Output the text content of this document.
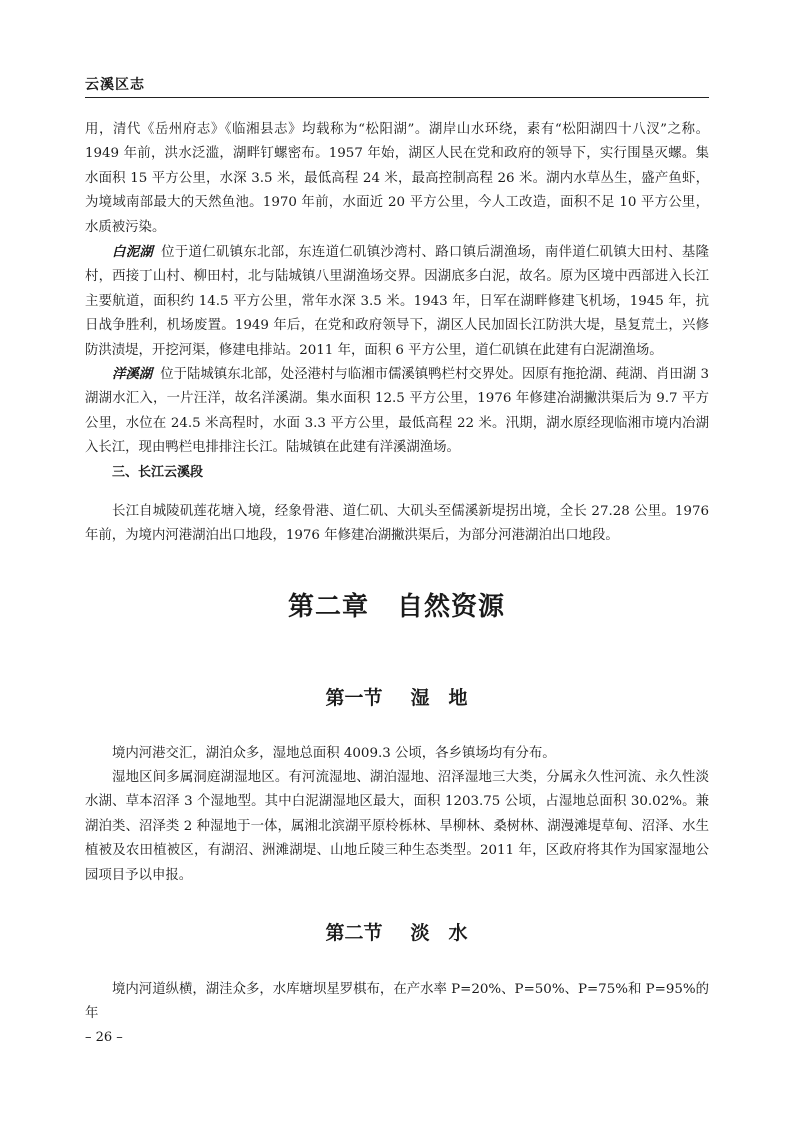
云溪区志

用，清代《岳州府志》《临湘县志》均载称为“松阳湖”。湖岸山水环绕，素有“松阳湖四十八汊”之称。1949 年前，洪水泛滥，湖畔钉螺密布。1957 年始，湖区人民在党和政府的领导下，实行围垦灭螺。集水面积 15 平方公里，水深 3.5 米，最低高程 24 米，最高控制高程 26 米。湖内水草丛生，盛产鱼虾，为境域南部最大的天然鱼池。1970 年前，水面近 20 平方公里，今人工改造，面积不足 10 平方公里，水质被污染。

白泥湖 位于道仁矶镇东北部，东连道仁矶镇沙湾村、路口镇后湖渔场，南伴道仁矶镇大田村、基隆村，西接丁山村、柳田村，北与陆城镇八里湖渔场交界。因湖底多白泥，故名。原为区境中西部进入长江主要航道，面积约 14.5 平方公里，常年水深 3.5 米。1943 年，日军在湖畔修建飞机场，1945 年，抗日战争胜利，机场废置。1949 年后，在党和政府领导下，湖区人民加固长江防洪大堤，垦复荒土，兴修防洪渍堤，开挖河渠，修建电排站。2011 年，面积 6 平方公里，道仁矶镇在此建有白泥湖渔场。

洋溪湖 位于陆城镇东北部，处泾港村与临湘市儒溪镇鸭栏村交界处。因原有拖抢湖、莼湖、肖田湖 3 湖湖水汇入，一片汪洋，故名洋溪湖。集水面积 12.5 平方公里，1976 年修建冶湖撇洪渠后为 9.7 平方公里，水位在 24.5 米高程时，水面 3.3 平方公里，最低高程 22 米。汛期，湖水原经现临湘市境内冶湖入长江，现由鸭栏电排排注长江。陆城镇在此建有洋溪湖渔场。

三、长江云溪段

长江自城陵矶莲花塘入境，经象骨港、道仁矶、大矶头至儒溪新堤拐出境，全长 27.28 公里。1976 年前，为境内河港湖泊出口地段，1976 年修建冶湖撇洪渠后，为部分河港湖泊出口地段。

第二章 自然资源
第一节 湿　地

境内河港交汇，湖泊众多，湿地总面积 4009.3 公顷，各乡镇场均有分布。

湿地区间多属洞庭湖湿地区。有河流湿地、湖泊湿地、沼泽湿地三大类，分属永久性河流、永久性淡水湖、草本沼泽 3 个湿地型。其中白泥湖湿地区最大，面积 1203.75 公顷，占湿地总面积 30.02%。兼湖泊类、沼泽类 2 种湿地于一体，属湘北滨湖平原柃栎林、旱柳林、桑树林、湖漫滩堤草甸、沼泽、水生植被及农田植被区，有湖沼、洲滩湖堤、山地丘陵三种生态类型。2011 年，区政府将其作为国家湿地公园项目予以申报。

第二节 淡　水

境内河道纵横，湖洼众多，水库塘坝星罗棋布，在产水率 P=20%、P=50%、P=75%和 P=95%的年

– 26 –
